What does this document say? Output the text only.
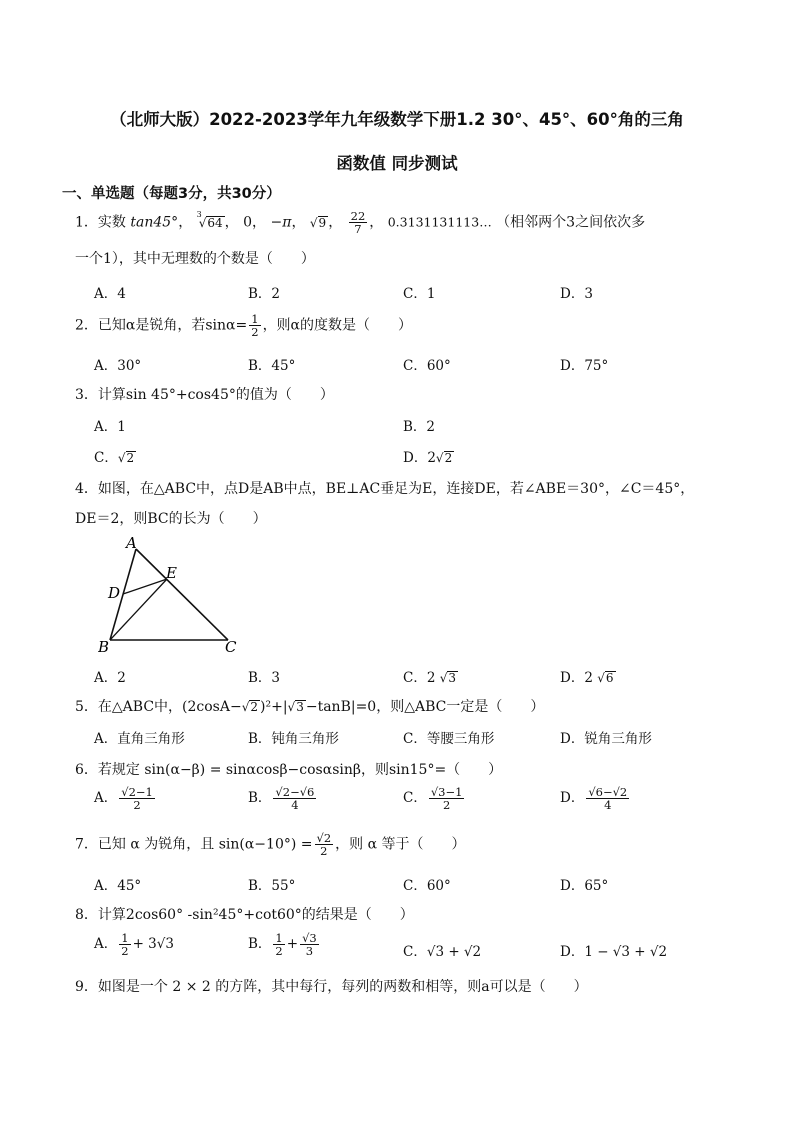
（北师大版）2022-2023学年九年级数学下册1.2 30°、45°、60°角的三角
函数值 同步测试
一、单选题（每题3分，共30分）
1．实数 tan45°， $^3$√64 ， 0， −π， √9 ， $\frac{22}{7}$ ， 0.3131131113… （相邻两个3之间依次多
一个1），其中无理数的个数是（　　）
A．4	B．2	C．1	D．3
2．已知α是锐角，若$\sin\alpha= \frac{1}{2}$ ，则α的度数是（　　）
A．30°	B．45°	C．60°	D．75°
3．计算sin 45°+cos45°的值为（　　）
A．1	B．2
C．√2	D．2√2
4．如图，在△ABC中，点D是AB中点，BE⊥AC垂足为E，连接DE，若∠ABE＝30°，∠C＝45°，
DE＝2，则BC的长为（　　）
A
D
E
B	C
A．2	B．3	C．2 √3	D．2 √6
5．在△ABC中，(2cosA−√2 )²+|√3 −tanB|=0，则△ABC一定是（　　）
A．直角三角形	B．钝角三角形	C．等腰三角形	D．锐角三角形
6．若规定 sin(α−β) = sinαcosβ−cosαsinβ，则sin15°=（　　）
A． $\frac{√2-1}{2}$	B． $\frac{√2-√6}{4}$	C． $\frac{√3-1}{2}$	D． $\frac{√6-√2}{4}$
7．已知 α 为锐角，且 $\sin(\alpha-10^\circ) = \frac{√2}{2}$ ，则 α 等于（　　）
A．45°	B．55°	C．60°	D．65°
8．计算2cos60° -sin²45°+cot60°的结果是（　　）
A． $\frac{1}{2} + 3√3$	B． $\frac{1}{2} + \frac{√3}{3}$	C．√3 + √2	D．1 − √3 + √2
9．如图是一个 2 × 2 的方阵，其中每行，每列的两数和相等，则a可以是（　　）
